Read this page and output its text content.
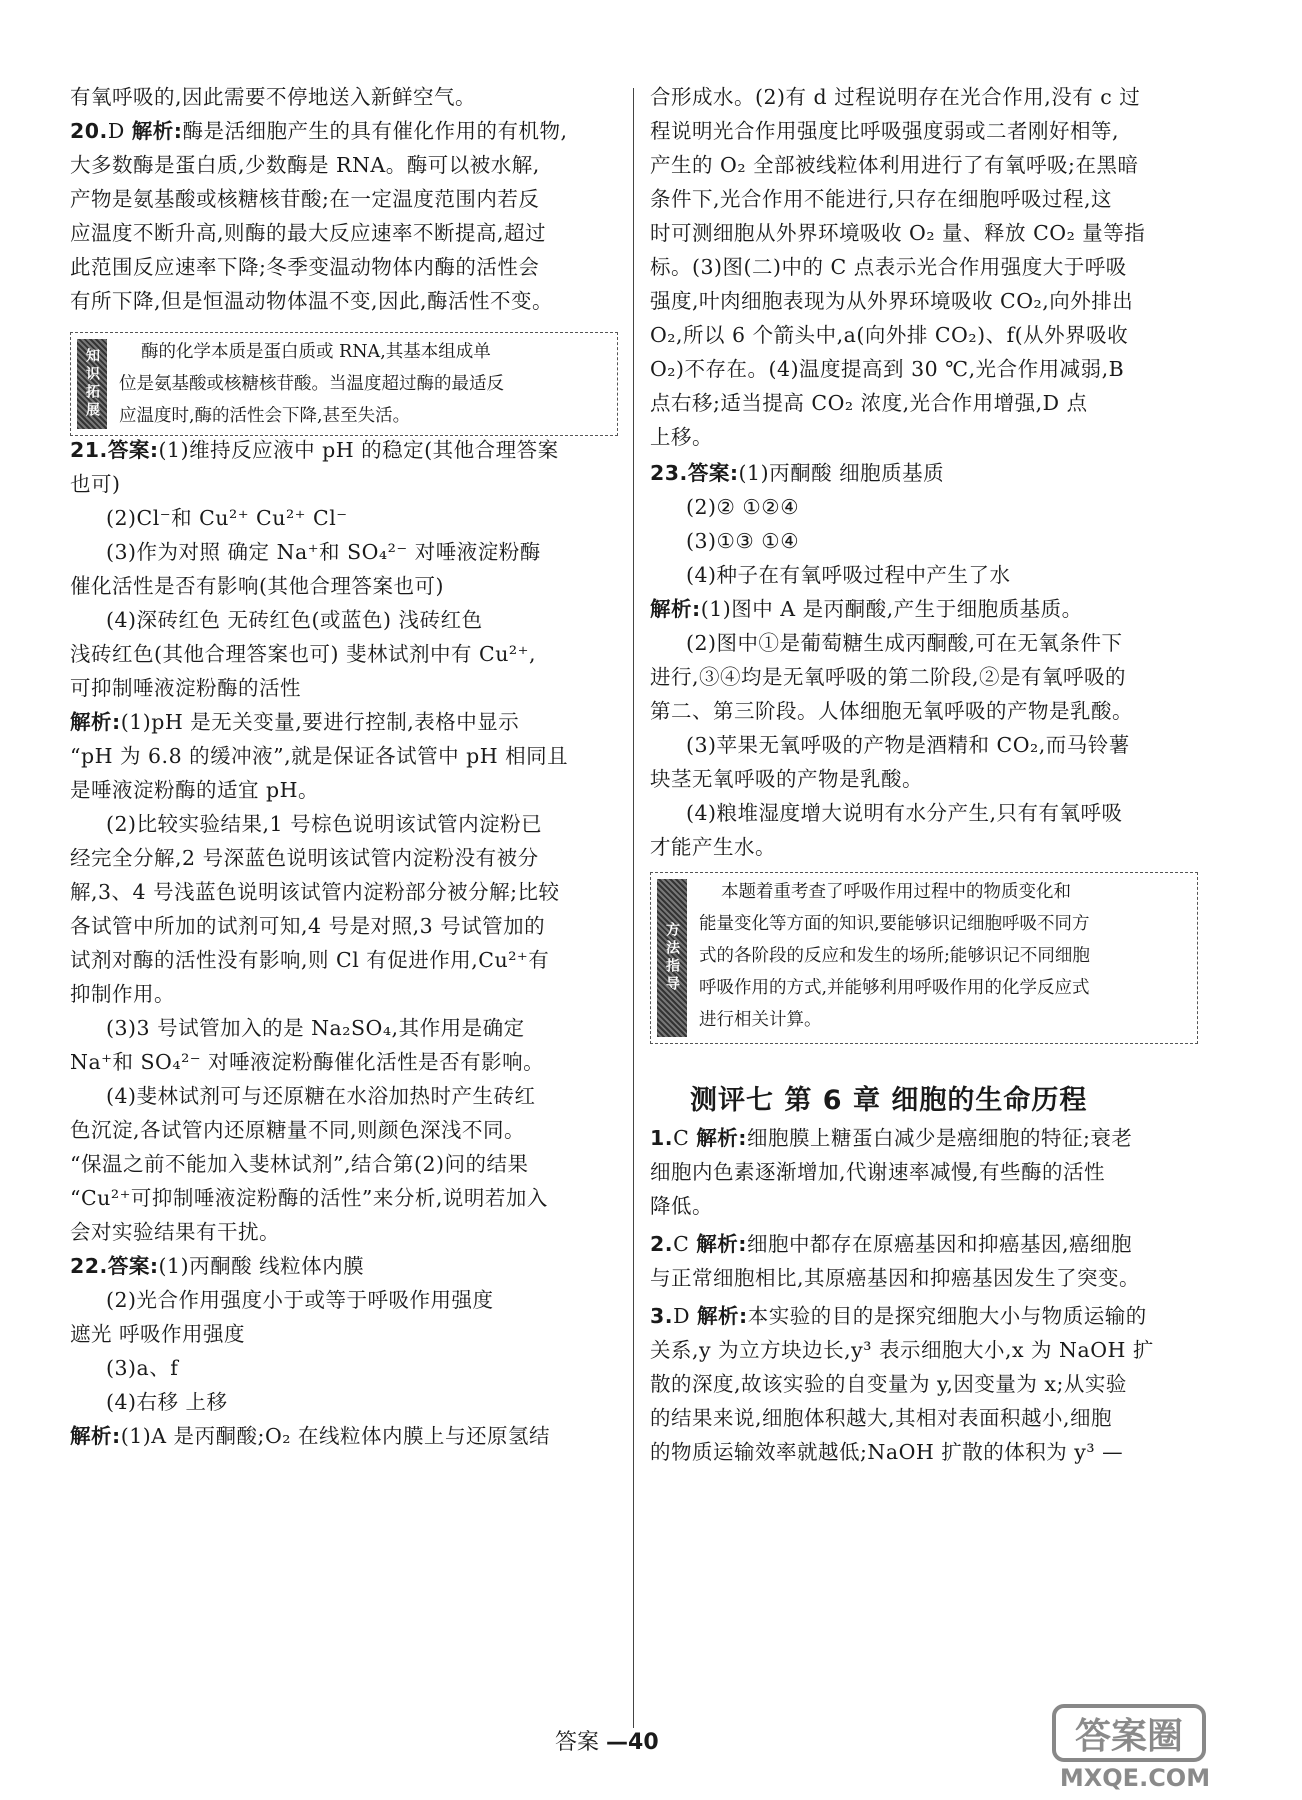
有氧呼吸的,因此需要不停地送入新鲜空气。
20.D 解析:酶是活细胞产生的具有催化作用的有机物,
大多数酶是蛋白质,少数酶是 RNA。酶可以被水解,
产物是氨基酸或核糖核苷酸;在一定温度范围内若反
应温度不断升高,则酶的最大反应速率不断提高,超过
此范围反应速率下降;冬季变温动物体内酶的活性会
有所下降,但是恒温动物体温不变,因此,酶活性不变。
21.答案:(1)维持反应液中 pH 的稳定(其他合理答案
也可)
(2)Cl⁻和 Cu²⁺ Cu²⁺ Cl⁻
(3)作为对照 确定 Na⁺和 SO₄²⁻ 对唾液淀粉酶
催化活性是否有影响(其他合理答案也可)
(4)深砖红色 无砖红色(或蓝色) 浅砖红色
浅砖红色(其他合理答案也可) 斐林试剂中有 Cu²⁺,
可抑制唾液淀粉酶的活性
解析:(1)pH 是无关变量,要进行控制,表格中显示
“pH 为 6.8 的缓冲液”,就是保证各试管中 pH 相同且
是唾液淀粉酶的适宜 pH。
(2)比较实验结果,1 号棕色说明该试管内淀粉已
经完全分解,2 号深蓝色说明该试管内淀粉没有被分
解,3、4 号浅蓝色说明该试管内淀粉部分被分解;比较
各试管中所加的试剂可知,4 号是对照,3 号试管加的
试剂对酶的活性没有影响,则 Cl 有促进作用,Cu²⁺有
抑制作用。
(3)3 号试管加入的是 Na₂SO₄,其作用是确定
Na⁺和 SO₄²⁻ 对唾液淀粉酶催化活性是否有影响。
(4)斐林试剂可与还原糖在水浴加热时产生砖红
色沉淀,各试管内还原糖量不同,则颜色深浅不同。
“保温之前不能加入斐林试剂”,结合第(2)问的结果
“Cu²⁺可抑制唾液淀粉酶的活性”来分析,说明若加入
会对实验结果有干扰。
22.答案:(1)丙酮酸 线粒体内膜
(2)光合作用强度小于或等于呼吸作用强度
遮光 呼吸作用强度
(3)a、f
(4)右移 上移
解析:(1)A 是丙酮酸;O₂ 在线粒体内膜上与还原氢结
合形成水。(2)有 d 过程说明存在光合作用,没有 c 过
程说明光合作用强度比呼吸强度弱或二者刚好相等,
产生的 O₂ 全部被线粒体利用进行了有氧呼吸;在黑暗
条件下,光合作用不能进行,只存在细胞呼吸过程,这
时可测细胞从外界环境吸收 O₂ 量、释放 CO₂ 量等指
标。(3)图(二)中的 C 点表示光合作用强度大于呼吸
强度,叶肉细胞表现为从外界环境吸收 CO₂,向外排出
O₂,所以 6 个箭头中,a(向外排 CO₂)、f(从外界吸收
O₂)不存在。(4)温度提高到 30 ℃,光合作用减弱,B
点右移;适当提高 CO₂ 浓度,光合作用增强,D 点
上移。
23.答案:(1)丙酮酸 细胞质基质
(2)② ①②④
(3)①③ ①④
(4)种子在有氧呼吸过程中产生了水
解析:(1)图中 A 是丙酮酸,产生于细胞质基质。
(2)图中①是葡萄糖生成丙酮酸,可在无氧条件下
进行,③④均是无氧呼吸的第二阶段,②是有氧呼吸的
第二、第三阶段。人体细胞无氧呼吸的产物是乳酸。
(3)苹果无氧呼吸的产物是酒精和 CO₂,而马铃薯
块茎无氧呼吸的产物是乳酸。
(4)粮堆湿度增大说明有水分产生,只有有氧呼吸
才能产生水。
1.C 解析:细胞膜上糖蛋白减少是癌细胞的特征;衰老
细胞内色素逐渐增加,代谢速率减慢,有些酶的活性
降低。
2.C 解析:细胞中都存在原癌基因和抑癌基因,癌细胞
与正常细胞相比,其原癌基因和抑癌基因发生了突变。
3.D 解析:本实验的目的是探究细胞大小与物质运输的
关系,y 为立方块边长,y³ 表示细胞大小,x 为 NaOH 扩
散的深度,故该实验的自变量为 y,因变量为 x;从实验
的结果来说,细胞体积越大,其相对表面积越小,细胞
的物质运输效率就越低;NaOH 扩散的体积为 y³ —
知识拓展	酶的化学本质是蛋白质或 RNA,其基本组成单
位是氨基酸或核糖核苷酸。当温度超过酶的最适反
应温度时,酶的活性会下降,甚至失活。
方法指导
本题着重考查了呼吸作用过程中的物质变化和
能量变化等方面的知识,要能够识记细胞呼吸不同方
式的各阶段的反应和发生的场所;能够识记不同细胞
呼吸作用的方式,并能够利用呼吸作用的化学反应式
进行相关计算。
测评七 第 6 章 细胞的生命历程
答案 —40	答案圈
MXQE.COM
